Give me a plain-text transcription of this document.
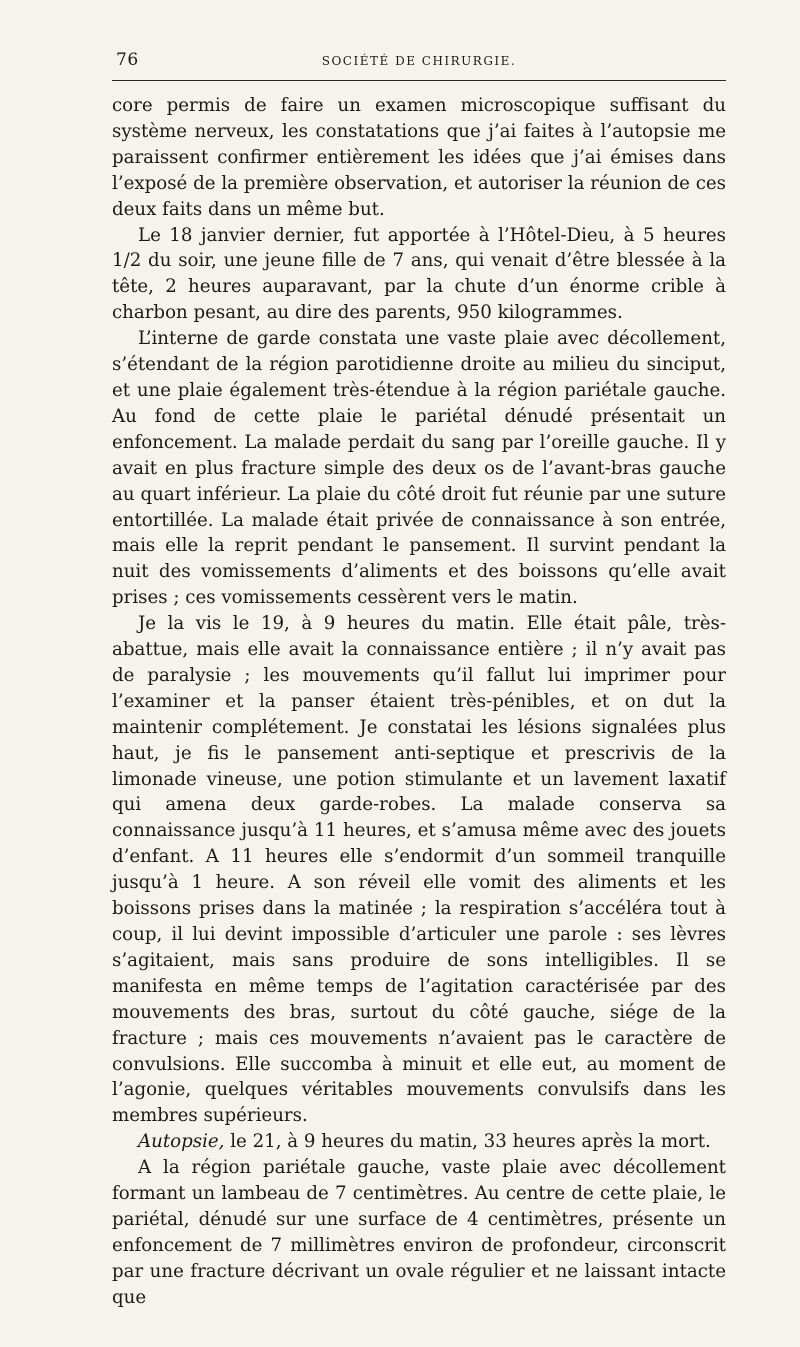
76	SOCIÉTÉ DE CHIRURGIE.

core permis de faire un examen microscopique suffisant du système nerveux, les constatations que j’ai faites à l’autopsie me paraissent confirmer entièrement les idées que j’ai émises dans l’exposé de la première observation, et autoriser la réunion de ces deux faits dans un même but.

Le 18 janvier dernier, fut apportée à l’Hôtel-Dieu, à 5 heures 1/2 du soir, une jeune fille de 7 ans, qui venait d’être blessée à la tête, 2 heures auparavant, par la chute d’un énorme crible à charbon pesant, au dire des parents, 950 kilogrammes.

L’interne de garde constata une vaste plaie avec décollement, s’étendant de la région parotidienne droite au milieu du sinciput, et une plaie également très-étendue à la région pariétale gauche. Au fond de cette plaie le pariétal dénudé présentait un enfoncement. La malade perdait du sang par l’oreille gauche. Il y avait en plus fracture simple des deux os de l’avant-bras gauche au quart inférieur. La plaie du côté droit fut réunie par une suture entortillée. La malade était privée de connaissance à son entrée, mais elle la reprit pendant le pansement. Il survint pendant la nuit des vomissements d’aliments et des boissons qu’elle avait prises ; ces vomissements cessèrent vers le matin.

Je la vis le 19, à 9 heures du matin. Elle était pâle, très-abattue, mais elle avait la connaissance entière ; il n’y avait pas de paralysie ; les mouvements qu’il fallut lui imprimer pour l’examiner et la panser étaient très-pénibles, et on dut la maintenir complétement. Je constatai les lésions signalées plus haut, je fis le pansement anti-septique et prescrivis de la limonade vineuse, une potion stimulante et un lavement laxatif qui amena deux garde-robes. La malade conserva sa connaissance jusqu’à 11 heures, et s’amusa même avec des jouets d’enfant. A 11 heures elle s’endormit d’un sommeil tranquille jusqu’à 1 heure. A son réveil elle vomit des aliments et les boissons prises dans la matinée ; la respiration s’accéléra tout à coup, il lui devint impossible d’articuler une parole : ses lèvres s’agitaient, mais sans produire de sons intelligibles. Il se manifesta en même temps de l’agitation caractérisée par des mouvements des bras, surtout du côté gauche, siége de la fracture ; mais ces mouvements n’avaient pas le caractère de convulsions. Elle succomba à minuit et elle eut, au moment de l’agonie, quelques véritables mouvements convulsifs dans les membres supérieurs.

Autopsie, le 21, à 9 heures du matin, 33 heures après la mort.

A la région pariétale gauche, vaste plaie avec décollement formant un lambeau de 7 centimètres. Au centre de cette plaie, le pariétal, dénudé sur une surface de 4 centimètres, présente un enfoncement de 7 millimètres environ de profondeur, circonscrit par une fracture décrivant un ovale régulier et ne laissant intacte que
